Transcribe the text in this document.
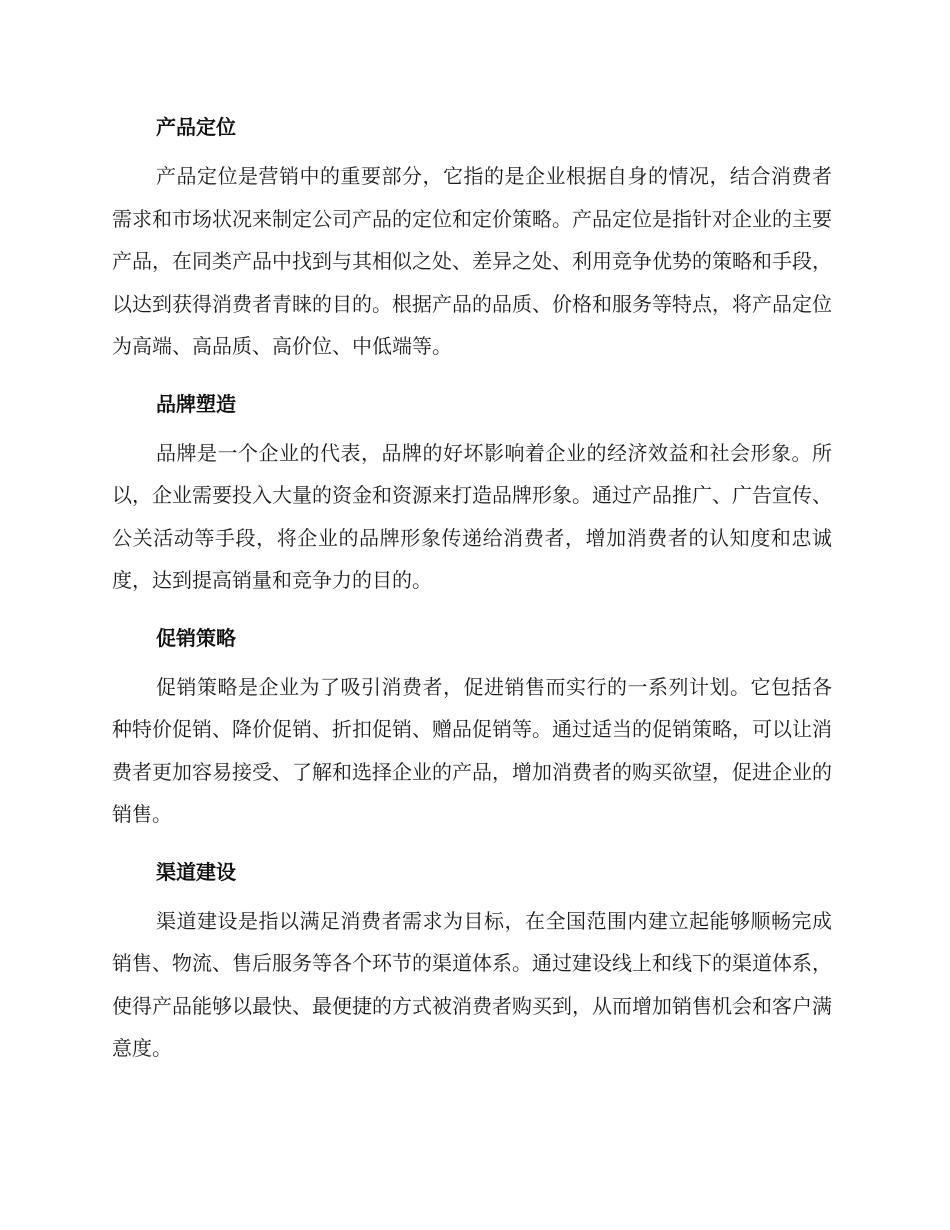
产品定位

产品定位是营销中的重要部分，它指的是企业根据自身的情况，结合消费者需求和市场状况来制定公司产品的定位和定价策略。产品定位是指针对企业的主要产品，在同类产品中找到与其相似之处、差异之处、利用竞争优势的策略和手段，以达到获得消费者青睐的目的。根据产品的品质、价格和服务等特点，将产品定位为高端、高品质、高价位、中低端等。

品牌塑造

品牌是一个企业的代表，品牌的好坏影响着企业的经济效益和社会形象。所以，企业需要投入大量的资金和资源来打造品牌形象。通过产品推广、广告宣传、公关活动等手段，将企业的品牌形象传递给消费者，增加消费者的认知度和忠诚度，达到提高销量和竞争力的目的。

促销策略

促销策略是企业为了吸引消费者，促进销售而实行的一系列计划。它包括各种特价促销、降价促销、折扣促销、赠品促销等。通过适当的促销策略，可以让消费者更加容易接受、了解和选择企业的产品，增加消费者的购买欲望，促进企业的销售。

渠道建设

渠道建设是指以满足消费者需求为目标，在全国范围内建立起能够顺畅完成销售、物流、售后服务等各个环节的渠道体系。通过建设线上和线下的渠道体系，使得产品能够以最快、最便捷的方式被消费者购买到，从而增加销售机会和客户满意度。
